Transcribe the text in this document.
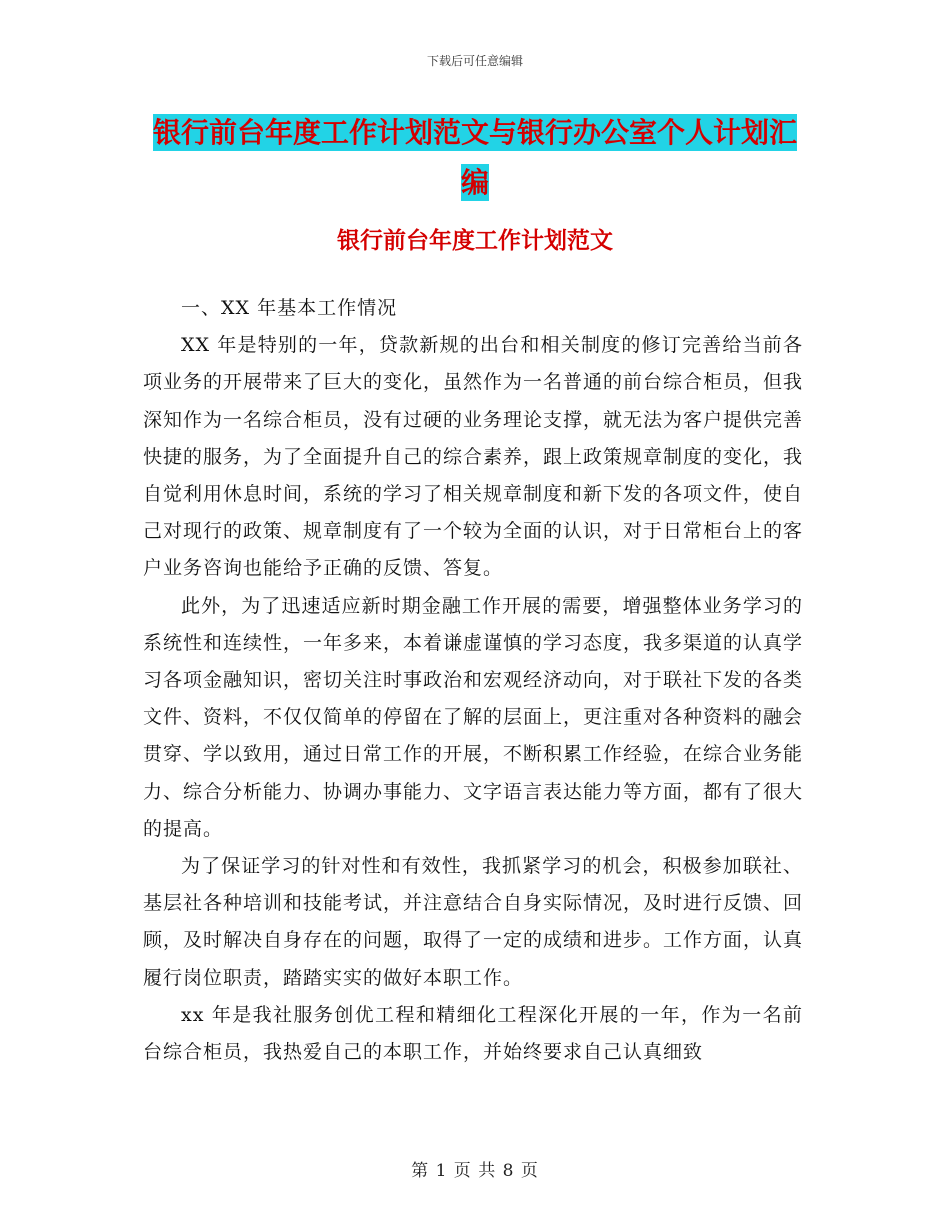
下载后可任意编辑
银行前台年度工作计划范文与银行办公室个人计划汇编
银行前台年度工作计划范文

一、XX 年基本工作情况

XX 年是特别的一年，贷款新规的出台和相关制度的修订完善给当前各项业务的开展带来了巨大的变化，虽然作为一名普通的前台综合柜员，但我深知作为一名综合柜员，没有过硬的业务理论支撑，就无法为客户提供完善快捷的服务，为了全面提升自己的综合素养，跟上政策规章制度的变化，我自觉利用休息时间，系统的学习了相关规章制度和新下发的各项文件，使自己对现行的政策、规章制度有了一个较为全面的认识，对于日常柜台上的客户业务咨询也能给予正确的反馈、答复。

此外，为了迅速适应新时期金融工作开展的需要，增强整体业务学习的系统性和连续性，一年多来，本着谦虚谨慎的学习态度，我多渠道的认真学习各项金融知识，密切关注时事政治和宏观经济动向，对于联社下发的各类文件、资料，不仅仅简单的停留在了解的层面上，更注重对各种资料的融会贯穿、学以致用，通过日常工作的开展，不断积累工作经验，在综合业务能力、综合分析能力、协调办事能力、文字语言表达能力等方面，都有了很大的提高。

为了保证学习的针对性和有效性，我抓紧学习的机会，积极参加联社、基层社各种培训和技能考试，并注意结合自身实际情况，及时进行反馈、回顾，及时解决自身存在的问题，取得了一定的成绩和进步。工作方面，认真履行岗位职责，踏踏实实的做好本职工作。

xx 年是我社服务创优工程和精细化工程深化开展的一年，作为一名前台综合柜员，我热爱自己的本职工作，并始终要求自己认真细致

第 1 页 共 8 页
